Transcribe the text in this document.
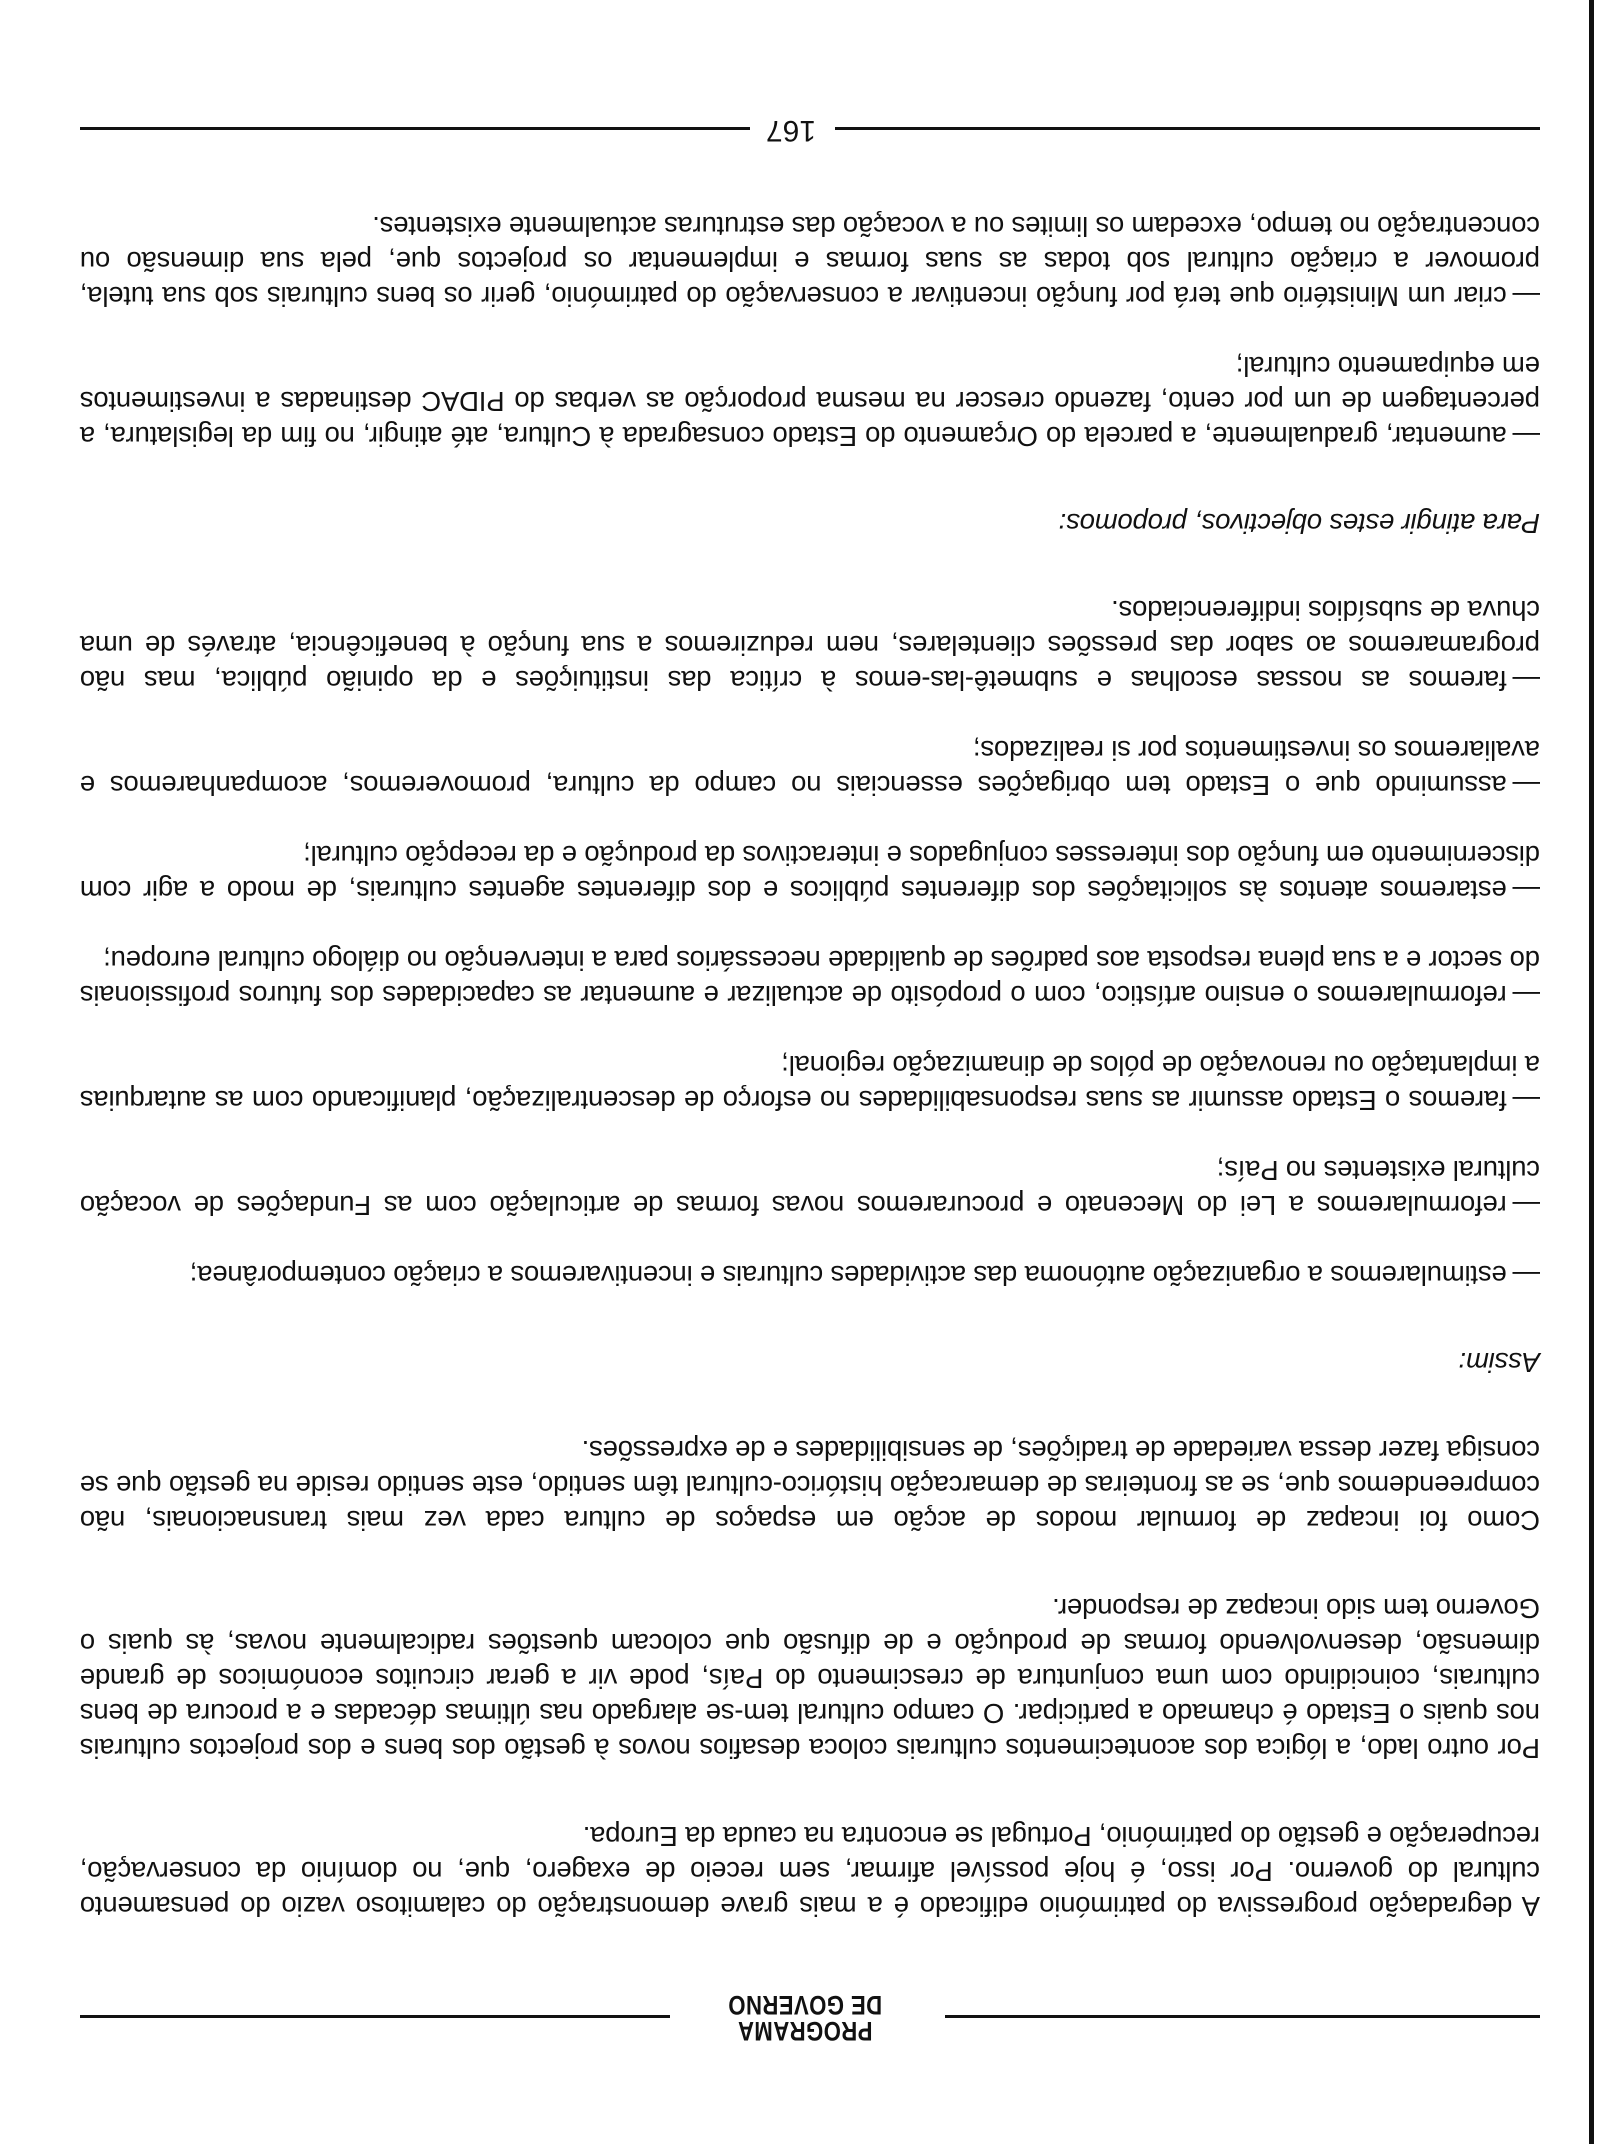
PROGRAMA
DE GOVERNO

A degradação progressiva do património edificado é a mais grave demonstração do calamitoso vazio do pensamento cultural do governo. Por isso, é hoje possível afirmar, sem receio de exagero, que, no domínio da conservação, recuperação e gestão do património, Portugal se encontra na cauda da Europa.

Por outro lado, a lógica dos acontecimentos culturais coloca desafios novos à gestão dos bens e dos projectos culturais nos quais o Estado é chamado a participar. O campo cultural tem-se alargado nas últimas décadas e a procura de bens culturais, coincidindo com uma conjuntura de crescimento do País, pode vir a gerar circuitos económicos de grande dimensão, desenvolvendo formas de produção e de difusão que colocam questões radicalmente novas, às quais o Governo tem sido incapaz de responder.

Como foi incapaz de formular modos de acção em espaços de cultura cada vez mais transnacionais, não compreendemos que, se as fronteiras de demarcação histórico-cultural têm sentido, este sentido reside na gestão que se consiga fazer dessa variedade de tradições, de sensibilidades e de expressões.

Assim:

—estimularemos a organização autónoma das actividades culturais e incentivaremos a criação contemporânea;

—reformularemos a Lei do Mecenato e procuraremos novas formas de articulação com as Fundações de vocação cultural existentes no País;

—faremos o Estado assumir as suas responsabilidades no esforço de descentralização, planificando com as autarquias a implantação ou renovação de pólos de dinamização regional;

—reformularemos o ensino artístico, com o propósito de actualizar e aumentar as capacidades dos futuros profissionais do sector e a sua plena resposta aos padrões de qualidade necessários para a intervenção no diálogo cultural europeu;

—estaremos atentos às solicitações dos diferentes públicos e dos diferentes agentes culturais, de modo a agir com discernimento em função dos interesses conjugados e interactivos da produção e da recepção cultural;

—assumindo que o Estado tem obrigações essenciais no campo da cultura, promoveremos, acompanharemos e avaliaremos os investimentos por si realizados;

—faremos as nossas escolhas e submetê-las-emos à crítica das instituições e da opinião pública, mas não programaremos ao sabor das pressões clientelares, nem reduziremos a sua função à beneficência, através de uma chuva de subsídios indiferenciados.

Para atingir estes objectivos, propomos:

—aumentar, gradualmente, a parcela do Orçamento do Estado consagrada à Cultura, até atingir, no fim da legislatura, a percentagem de um por cento, fazendo crescer na mesma proporção as verbas do PIDAC destinadas a investimentos em equipamento cultural;

—criar um Ministério que terá por função incentivar a conservação do património, gerir os bens culturais sob sua tutela, promover a criação cultural sob todas as suas formas e implementar os projectos que, pela sua dimensão ou concentração no tempo, excedam os limites ou a vocação das estruturas actualmente existentes.

167
